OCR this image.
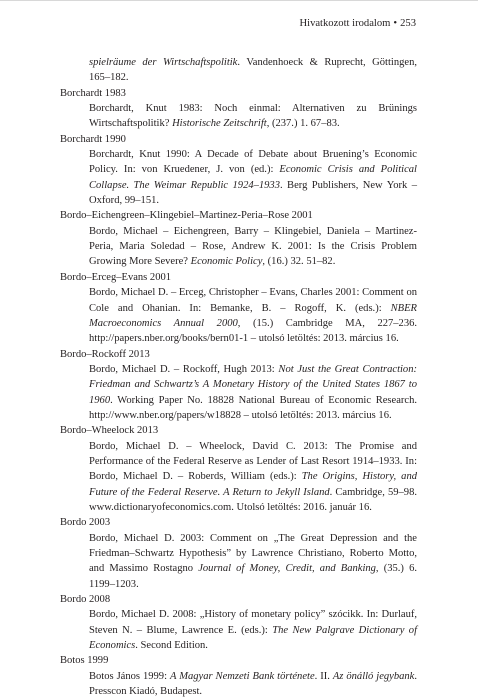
Hivatkozott irodalom • 253
spielräume der Wirtschaftspolitik. Vandenhoeck & Ruprecht, Göttingen, 165–182.
Borchardt 1983
Borchardt, Knut 1983: Noch einmal: Alternativen zu Brünings Wirtschaftspolitik? Historische Zeitschrift, (237.) 1. 67–83.
Borchardt 1990
Borchardt, Knut 1990: A Decade of Debate about Bruening’s Economic Policy. In: von Kruedener, J. von (ed.): Economic Crisis and Political Collapse. The Weimar Republic 1924–1933. Berg Publishers, New York – Oxford, 99–151.
Bordo–Eichengreen–Klingebiel–Martinez-Peria–Rose 2001
Bordo, Michael – Eichengreen, Barry – Klingebiel, Daniela – Martinez-Peria, Maria Soledad – Rose, Andrew K. 2001: Is the Crisis Problem Growing More Severe? Economic Policy, (16.) 32. 51–82.
Bordo–Erceg–Evans 2001
Bordo, Michael D. – Erceg, Christopher – Evans, Charles 2001: Comment on Cole and Ohanian. In: Bemanke, B. – Rogoff, K. (eds.): NBER Macroeconomics Annual 2000, (15.) Cambridge MA, 227–236. http://papers.nber.org/books/bern01-1 – utolsó letöltés: 2013. március 16.
Bordo–Rockoff 2013
Bordo, Michael D. – Rockoff, Hugh 2013: Not Just the Great Contraction: Friedman and Schwartz’s A Monetary History of the United States 1867 to 1960. Working Paper No. 18828 National Bureau of Economic Research. http://www.nber.org/papers/w18828 – utolsó letöltés: 2013. március 16.
Bordo–Wheelock 2013
Bordo, Michael D. – Wheelock, David C. 2013: The Promise and Performance of the Federal Reserve as Lender of Last Resort 1914–1933. In: Bordo, Michael D. – Roberds, William (eds.): The Origins, History, and Future of the Federal Reserve. A Return to Jekyll Island. Cambridge, 59–98. www.dictionaryofeconomics.com. Utolsó letöltés: 2016. január 16.
Bordo 2003
Bordo, Michael D. 2003: Comment on „The Great Depression and the Friedman–Schwartz Hypothesis” by Lawrence Christiano, Roberto Motto, and Massimo Rostagno Journal of Money, Credit, and Banking, (35.) 6. 1199–1203.
Bordo 2008
Bordo, Michael D. 2008: „History of monetary policy” szócikk. In: Durlauf, Steven N. – Blume, Lawrence E. (eds.): The New Palgrave Dictionary of Economics. Second Edition.
Botos 1999
Botos János 1999: A Magyar Nemzeti Bank története. II. Az önálló jegybank. Presscon Kiadó, Budapest.
